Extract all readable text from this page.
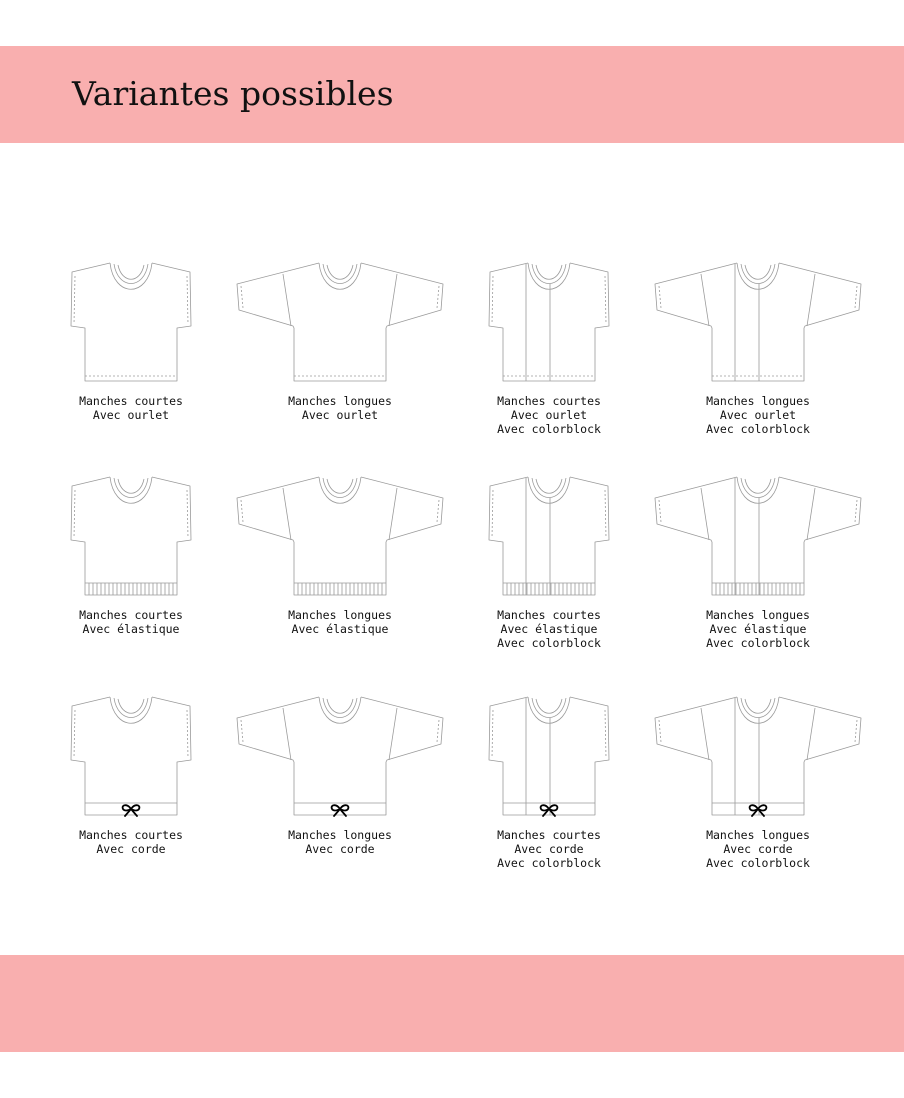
Variantes possibles
Manches courtes
Avec ourlet
Manches longues
Avec ourlet
Manches courtes
Avec ourlet
Avec colorblock
Manches longues
Avec ourlet
Avec colorblock
Manches courtes
Avec élastique
Manches longues
Avec élastique
Manches courtes
Avec élastique
Avec colorblock
Manches longues
Avec élastique
Avec colorblock
Manches courtes
Avec corde
Manches longues
Avec corde
Manches courtes
Avec corde
Avec colorblock
Manches longues
Avec corde
Avec colorblock
